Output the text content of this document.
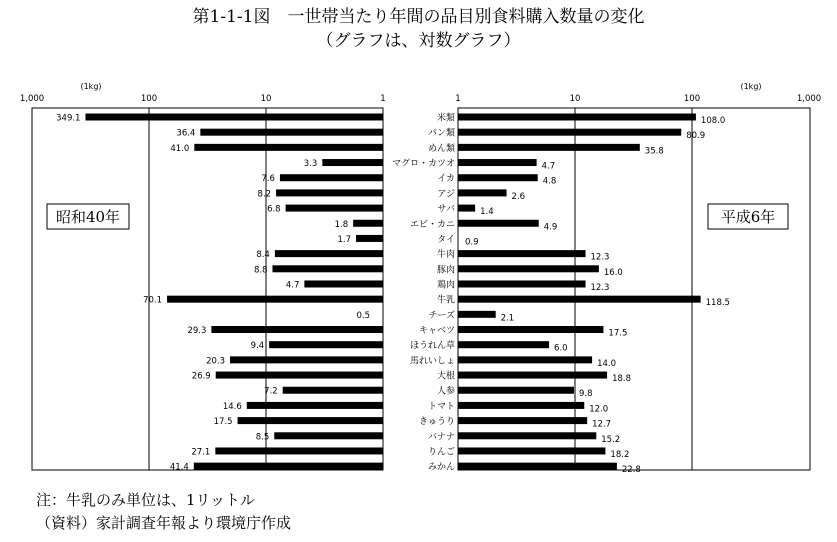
第1-1-1図　一世帯当たり年間の品目別食料購入数量の変化
（グラフは、対数グラフ）
1	1
10	10
100	100
1,000	1,000
(1kg)	(1kg)
昭和40年	平成6年
米類
349.1	108.0
パン類
36.4	80.9
めん類
41.0	35.8
マグロ・カツオ
3.3	4.7
イカ
7.6	4.8
アジ
8.2	2.6
サバ
6.8	1.4
エビ・カニ
1.8	4.9
タイ
1.7	0.9
牛肉
8.4	12.3
豚肉
8.8	16.0
鶏肉
4.7	12.3
牛乳
70.1	118.5
チーズ
0.5	2.1
キャベツ
29.3	17.5
ほうれん草
9.4	6.0
馬れいしょ
20.3	14.0
大根
26.9	18.8
人参
7.2	9.8
トマト
14.6	12.0
きゅうり
17.5	12.7
バナナ
8.5	15.2
りんご
27.1	18.2
みかん
41.4	22.8
注：牛乳のみ単位は、1リットル
（資料）家計調査年報より環境庁作成
